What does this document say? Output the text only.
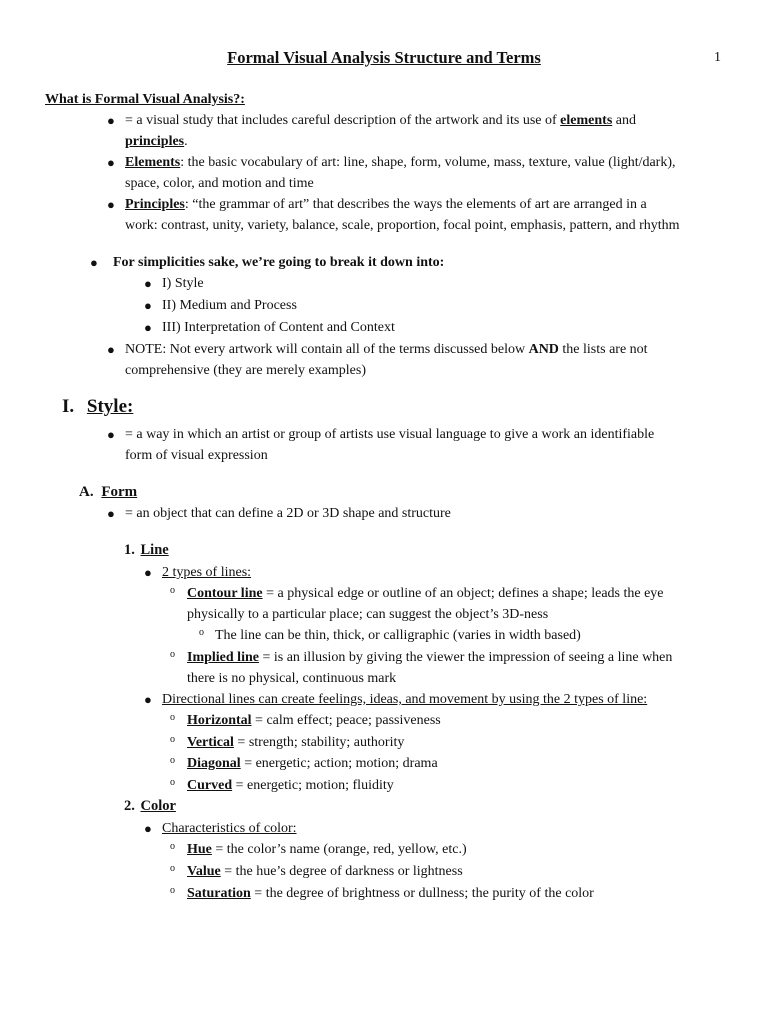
Formal Visual Analysis Structure and Terms	1
What is Formal Visual Analysis?:
● = a visual study that includes careful description of the artwork and its use of elements and
principles.
● Elements: the basic vocabulary of art: line, shape, form, volume, mass, texture, value (light/dark),
space, color, and motion and time
● Principles: “the grammar of art” that describes the ways the elements of art are arranged in a
work: contrast, unity, variety, balance, scale, proportion, focal point, emphasis, pattern, and rhythm
● For simplicities sake, we’re going to break it down into:
● I) Style
● II) Medium and Process
● III) Interpretation of Content and Context
● NOTE: Not every artwork will contain all of the terms discussed below AND the lists are not
comprehensive (they are merely examples)
I. Style:
● = a way in which an artist or group of artists use visual language to give a work an identifiable
form of visual expression
A. Form
● = an object that can define a 2D or 3D shape and structure
1. Line
● 2 types of lines:
o Contour line = a physical edge or outline of an object; defines a shape; leads the eye
physically to a particular place; can suggest the object’s 3D-ness
o The line can be thin, thick, or calligraphic (varies in width based)
o Implied line = is an illusion by giving the viewer the impression of seeing a line when
there is no physical, continuous mark
● Directional lines can create feelings, ideas, and movement by using the 2 types of line:
o Horizontal = calm effect; peace; passiveness
o Vertical = strength; stability; authority
o Diagonal = energetic; action; motion; drama
o Curved = energetic; motion; fluidity
2. Color
● Characteristics of color:
o Hue = the color’s name (orange, red, yellow, etc.)
o Value = the hue’s degree of darkness or lightness
o Saturation = the degree of brightness or dullness; the purity of the color
